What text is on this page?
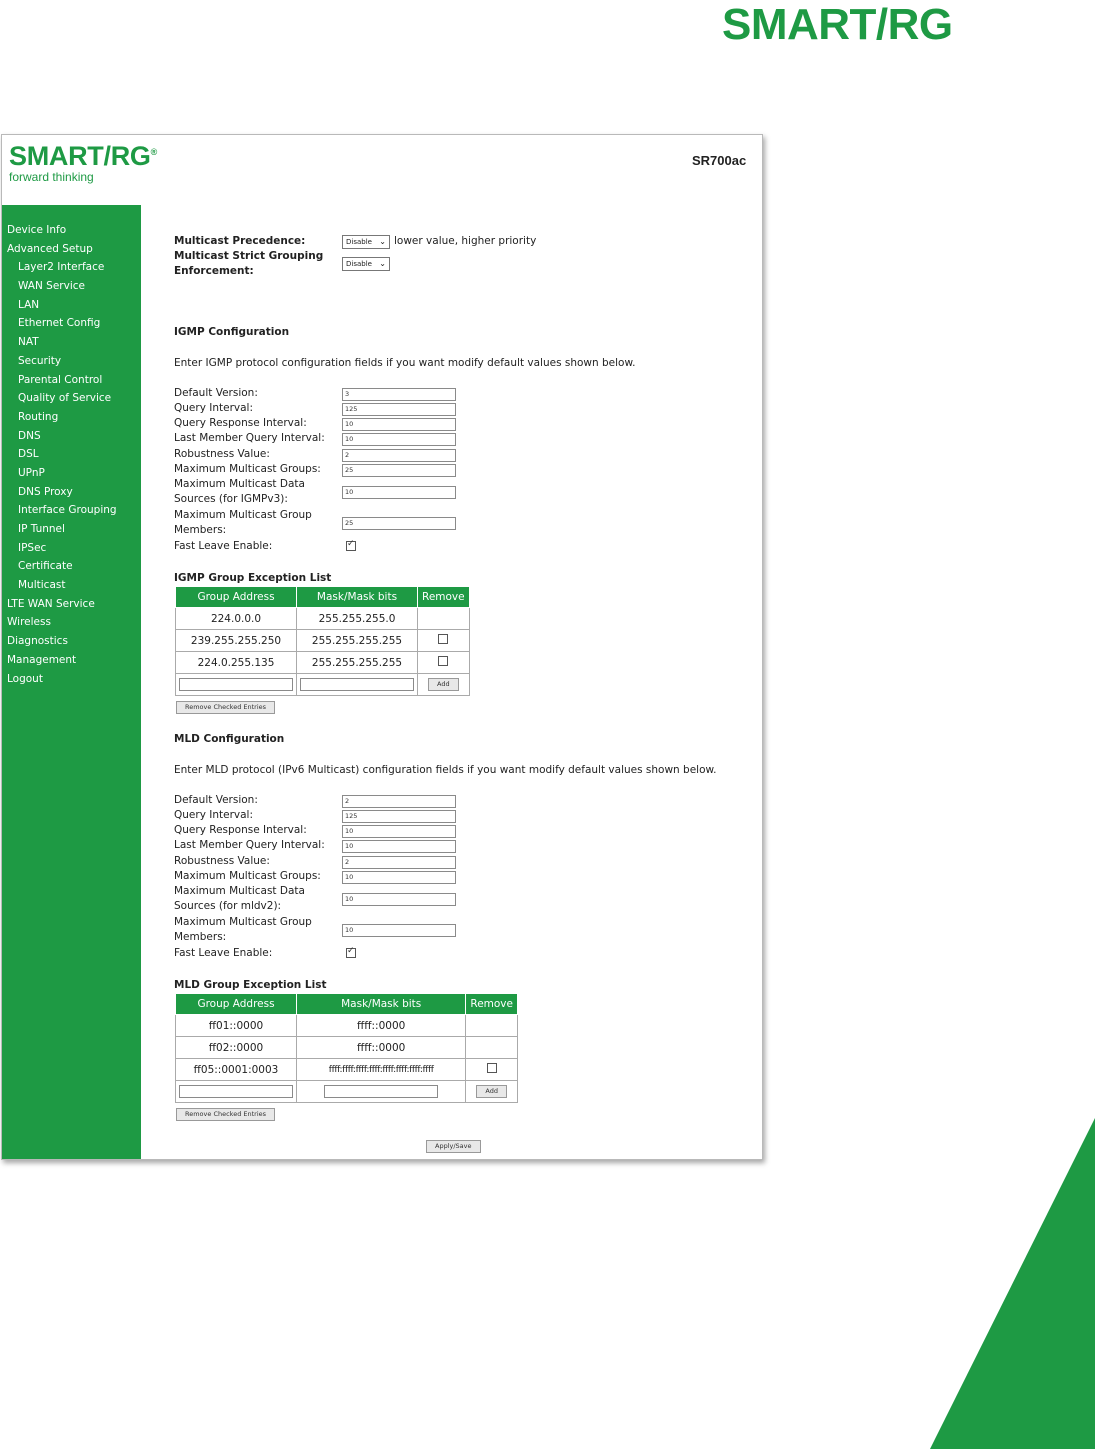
SMART/RG
SMART/RG®
forward thinking
SR700ac
Device Info
Advanced Setup
Layer2 Interface
WAN Service
LAN
Ethernet Config
NAT
Security
Parental Control
Quality of Service
Routing
DNS
DSL
UPnP
DNS Proxy
Interface Grouping
IP Tunnel
IPSec
Certificate
Multicast
LTE WAN Service
Wireless
Diagnostics
Management
Logout
Multicast Precedence:	Disable ⌄ lower value, higher priority
Multicast Strict Grouping
Enforcement:
Disable ⌄
IGMP Configuration
Enter IGMP protocol configuration fields if you want modify default values shown below.
Default Version:	3
Query Interval:	125
Query Response Interval:	10
Last Member Query Interval:	10
Robustness Value:	2
Maximum Multicast Groups:	25
Maximum Multicast Data
Sources (for IGMPv3):
10
Maximum Multicast Group
Members:
25
Fast Leave Enable:
✓
IGMP Group Exception List
Group Address	Mask/Mask bits	Remove
224.0.0.0	255.255.255.0	
239.255.255.250	255.255.255.255	
224.0.255.135	255.255.255.255	
		Add
Remove Checked Entries
MLD Configuration
Enter MLD protocol (IPv6 Multicast) configuration fields if you want modify default values shown below.
Default Version:	2
Query Interval:	125
Query Response Interval:	10
Last Member Query Interval:	10
Robustness Value:	2
Maximum Multicast Groups:	10
Maximum Multicast Data
Sources (for mldv2):
10
Maximum Multicast Group
Members:
10
Fast Leave Enable:
✓
MLD Group Exception List
Group Address	Mask/Mask bits	Remove
ff01::0000	ffff::0000	
ff02::0000	ffff::0000	
ff05::0001:0003	ffff:ffff:ffff:ffff:ffff:ffff:ffff:ffff	
		Add
Remove Checked Entries
Apply/Save
